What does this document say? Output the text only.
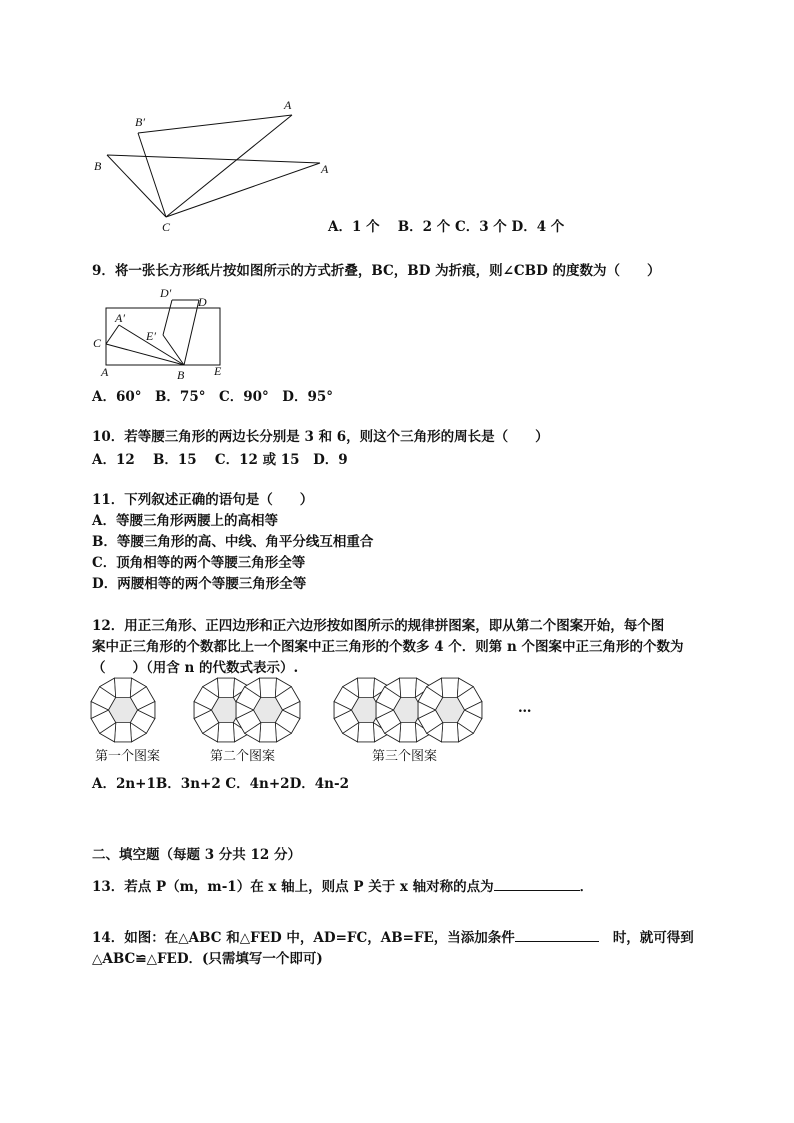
A
B′
B	A
C	A．1 个　 B．2 个 C．3 个 D．4 个
9．将一张长方形纸片按如图所示的方式折叠，BC，BD 为折痕，则∠CBD 的度数为（　　）
D′
D
A′
E′
C
A	B E
A．60°　B．75°　C．90°　D．95°
10．若等腰三角形的两边长分别是 3 和 6，则这个三角形的周长是（　　）
A．12　 B．15　 C．12 或 15　D．9
11．下列叙述正确的语句是（　　）
A．等腰三角形两腰上的高相等
B．等腰三角形的高、中线、角平分线互相重合
C．顶角相等的两个等腰三角形全等
D．两腰相等的两个等腰三角形全等
12．用正三角形、正四边形和正六边形按如图所示的规律拼图案，即从第二个图案开始，每个图
案中正三角形的个数都比上一个图案中正三角形的个数多 4 个．则第 n 个图案中正三角形的个数为
（　　）（用含 n 的代数式表示）.
…
第一个图案	第二个图案	第三个图案
A．2n+1B．3n+2 C．4n+2D．4n-2
二、填空题（每题 3 分共 12 分）
13．若点 P（m，m-1）在 x 轴上，则点 P 关于 x 轴对称的点为	．
14．如图：在△ABC 和△FED 中，AD=FC，AB=FE，当添加条件	时，就可得到
△ABC≌△FED．(只需填写一个即可)
